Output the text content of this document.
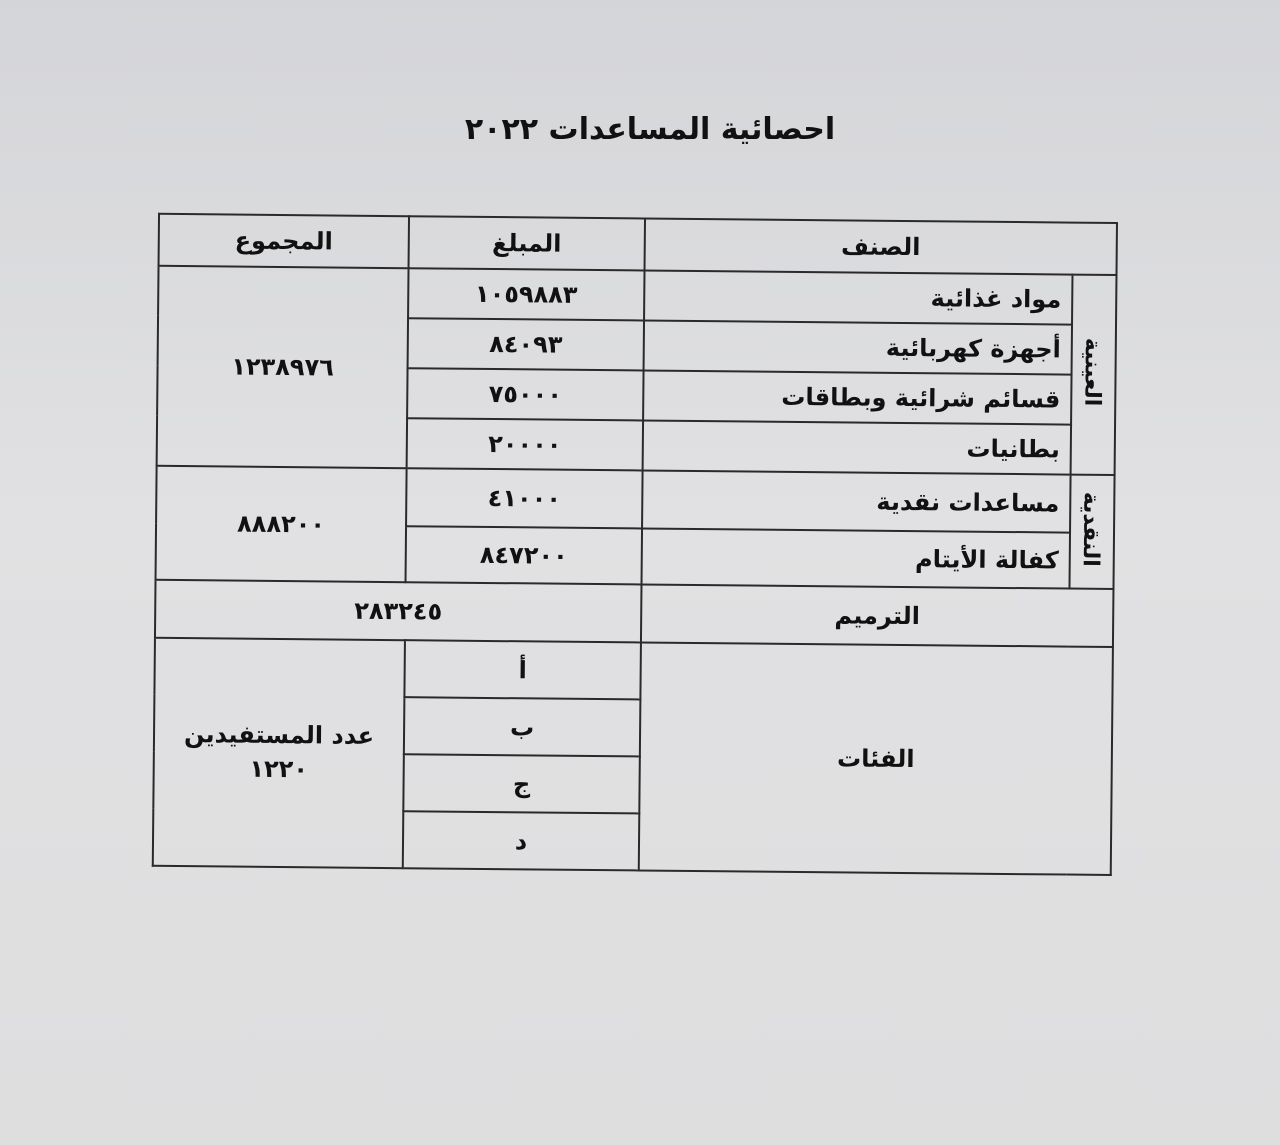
احصائية المساعدات ٢٠٢٢
الصنف		المبلغ	المجموع
العينية	مواد غذائية	١٠٥٩٨٨٣	١٢٣٨٩٧٦
	أجهزة كهربائية	٨٤٠٩٣	
	قسائم شرائية وبطاقات	٧٥٠٠٠	
	بطانيات	٢٠٠٠٠	
النقدية	مساعدات نقدية	٤١٠٠٠	٨٨٨٢٠٠
	كفالة الأيتام	٨٤٧٢٠٠	
الترميم		٢٨٣٢٤٥	
الفئات		أ	عدد المستفيدين
١٢٢٠

		ب	
		ج	
		د	
